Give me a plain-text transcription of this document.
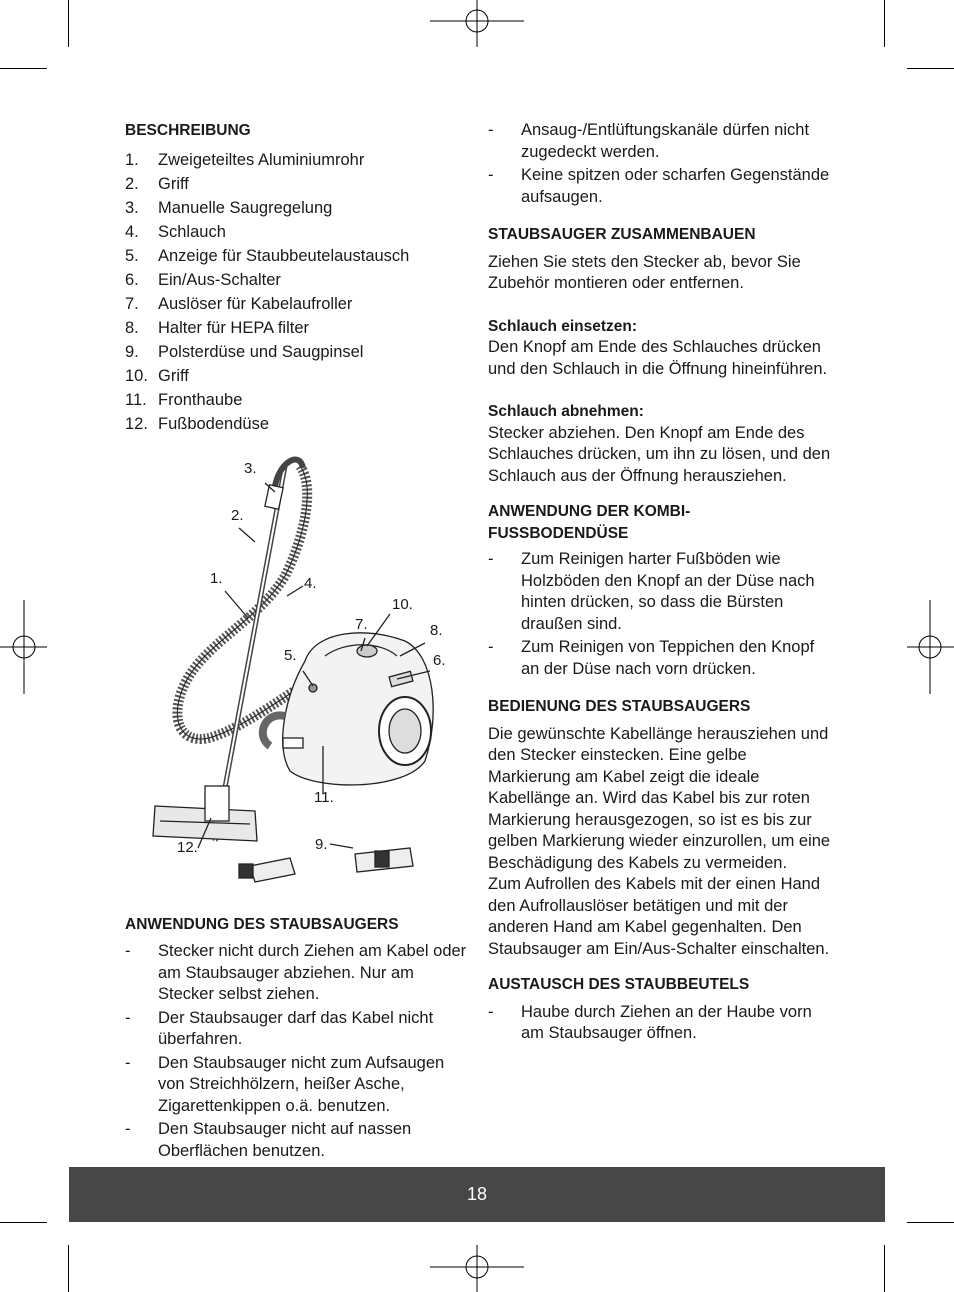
BESCHREIBUNG
1. Zweigeteiltes Aluminiumrohr
2. Griff
3. Manuelle Saugregelung
4. Schlauch
5. Anzeige für Staubbeutelaustausch
6. Ein/Aus-Schalter
7. Auslöser für Kabelaufroller
8. Halter für HEPA filter
9. Polsterdüse und Saugpinsel
10. Griff
11. Fronthaube
12. Fußbodendüse
1.
2.
3.
4.
5.	6.
7.	8.
9.
10.
11.
12.
ANWENDUNG DES STAUBSAUGERS
- Stecker nicht durch Ziehen am Kabel oder am Staubsauger abziehen. Nur am Stecker selbst ziehen.
- Der Staubsauger darf das Kabel nicht überfahren.
- Den Staubsauger nicht zum Aufsaugen von Streichhölzern, heißer Asche, Zigarettenkippen o.ä. benutzen.
- Den Staubsauger nicht auf nassen Oberflächen benutzen.
- Ansaug-/Entlüftungskanäle dürfen nicht zugedeckt werden.
- Keine spitzen oder scharfen Gegenstände aufsaugen.
STAUBSAUGER ZUSAMMENBAUEN

Ziehen Sie stets den Stecker ab, bevor Sie Zubehör montieren oder entfernen.

Schlauch einsetzen:

Den Knopf am Ende des Schlauches drücken und den Schlauch in die Öffnung hineinführen.

Schlauch abnehmen:

Stecker abziehen. Den Knopf am Ende des Schlauches drücken, um ihn zu lösen, und den Schlauch aus der Öffnung herausziehen.

ANWENDUNG DER KOMBI-
FUSSBODENDÜSE
- Zum Reinigen harter Fußböden wie Holzböden den Knopf an der Düse nach hinten drücken, so dass die Bürsten draußen sind.
- Zum Reinigen von Teppichen den Knopf an der Düse nach vorn drücken.
BEDIENUNG DES STAUBSAUGERS

Die gewünschte Kabellänge herausziehen und den Stecker einstecken. Eine gelbe Markierung am Kabel zeigt die ideale Kabellänge an. Wird das Kabel bis zur roten Markierung herausgezogen, so ist es bis zur gelben Markierung wieder einzurollen, um eine Beschädigung des Kabels zu vermeiden.

Zum Aufrollen des Kabels mit der einen Hand den Aufrollauslöser betätigen und mit der anderen Hand am Kabel gegenhalten. Den Staubsauger am Ein/Aus-Schalter einschalten.

AUSTAUSCH DES STAUBBEUTELS
- Haube durch Ziehen an der Haube vorn am Staubsauger öffnen.
18
